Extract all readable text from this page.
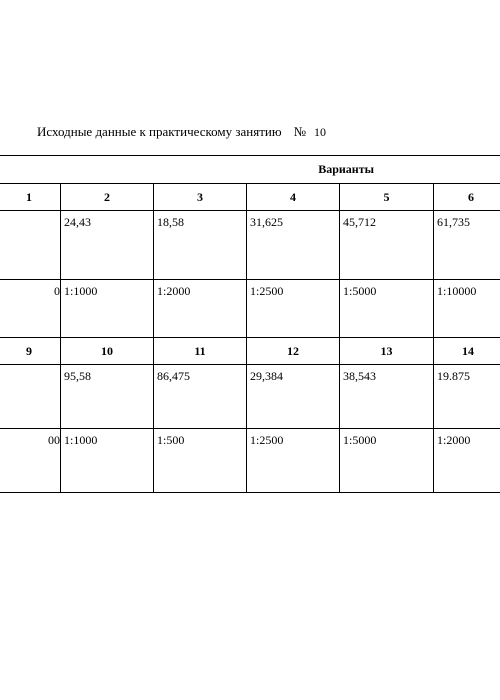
Исходные данные к практическому занятию № 10
Варианты					
1	2	3	4	5	6
	24,43	18,58	31,625	45,712	61,735
0	1:1000	1:2000	1:2500	1:5000	1:10000
9	10	11	12	13	14
	95,58	86,475	29,384	38,543	19.875
00	1:1000	1:500	1:2500	1:5000	1:2000
